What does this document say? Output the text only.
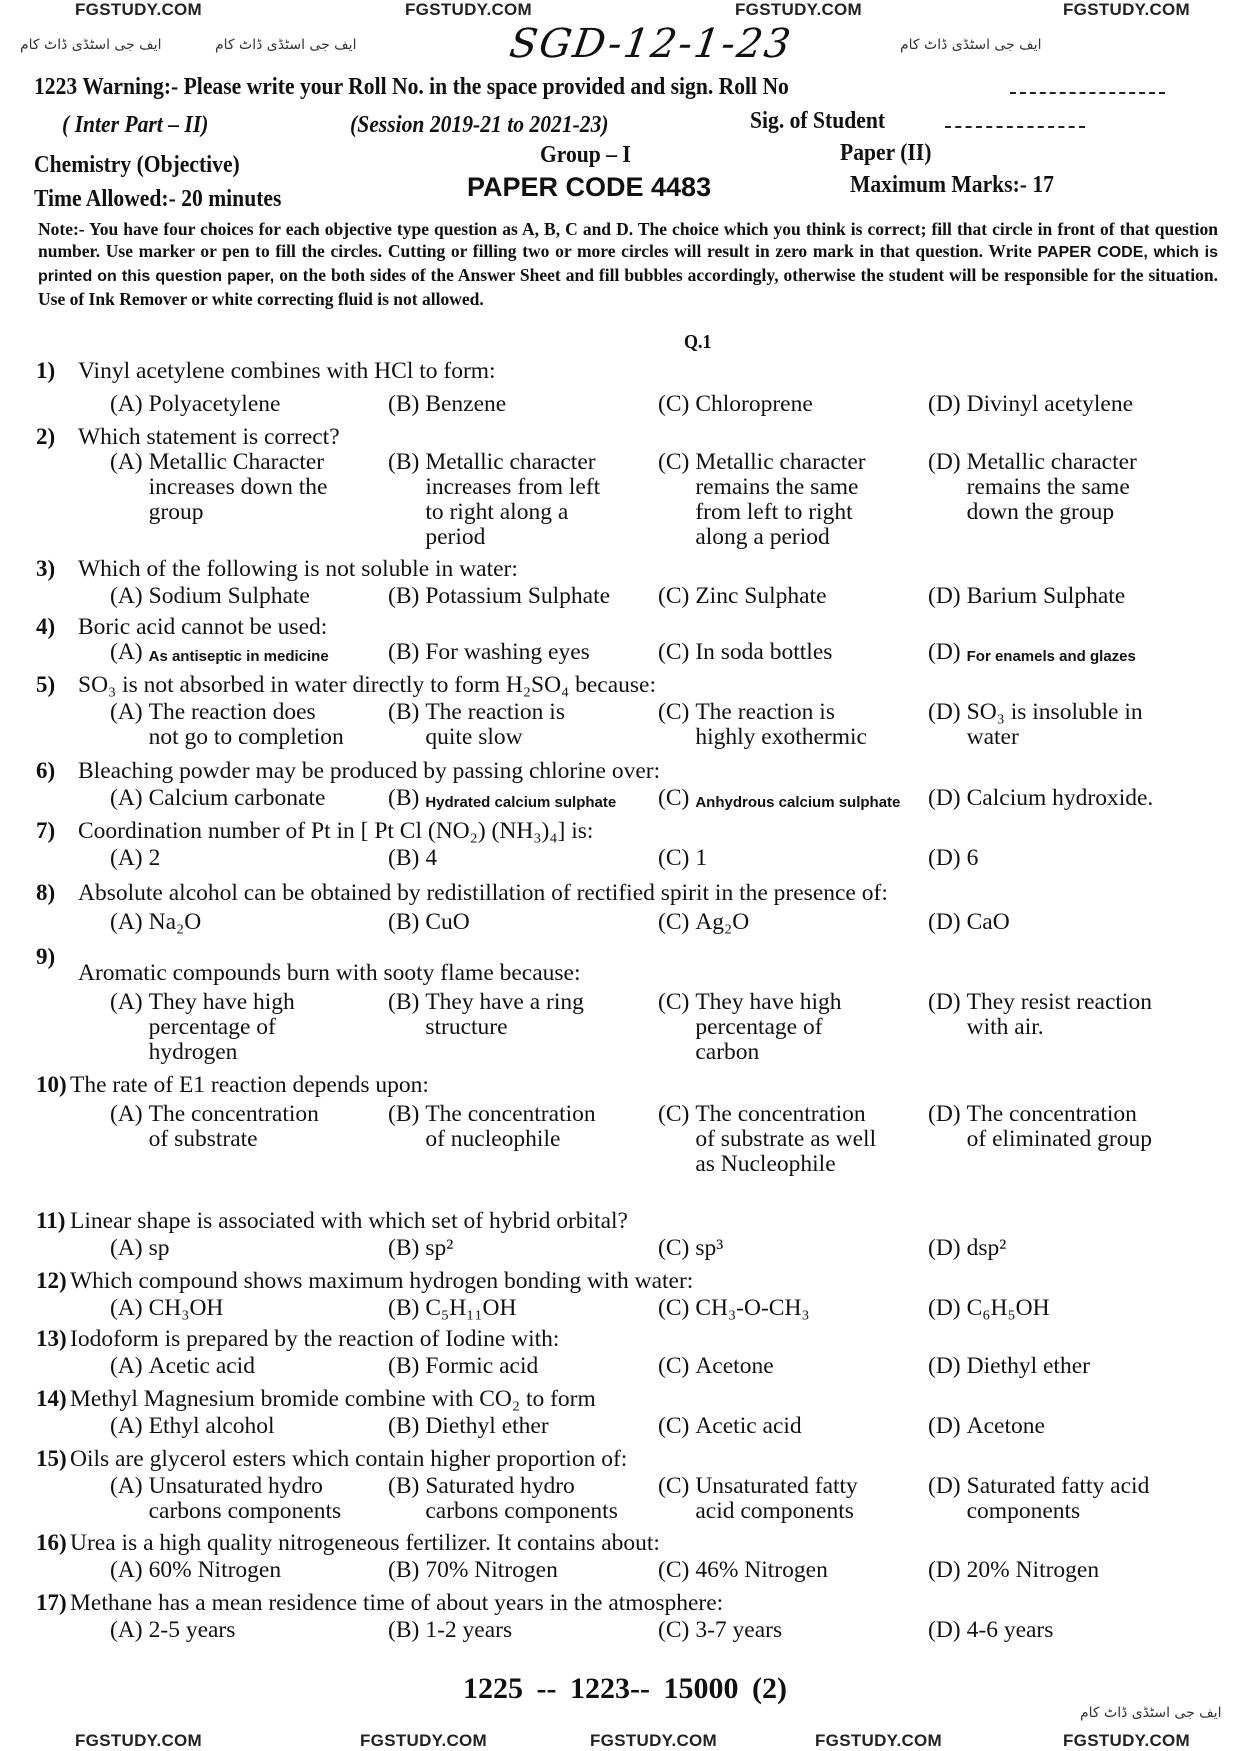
FGSTUDY.COM	FGSTUDY.COM	FGSTUDY.COM	FGSTUDY.COM
FGSTUDY.COM	FGSTUDY.COM	FGSTUDY.COM	FGSTUDY.COM	FGSTUDY.COM
ایف جی اسٹڈی ڈاٹ کام	ایف جی اسٹڈی ڈاٹ کام	ایف جی اسٹڈی ڈاٹ کام
ایف جی اسٹڈی ڈاٹ کام
SGD-12-1-23
1223 Warning:- Please write your Roll No. in the space provided and sign. Roll No
( Inter Part – II)	(Session 2019-21 to 2021-23)	Sig. of Student
Chemistry (Objective)	Group – I	Paper (II)
PAPER CODE 4483	Maximum Marks:- 17
Time Allowed:- 20 minutes
Note:- You have four choices for each objective type question as A, B, C and D. The choice which you think is correct; fill that circle in front of that question number. Use marker or pen to fill the circles. Cutting or filling two or more circles will result in zero mark in that question. Write PAPER CODE, which is printed on this question paper, on the both sides of the Answer Sheet and fill bubbles accordingly, otherwise the student will be responsible for the situation. Use of Ink Remover or white correcting fluid is not allowed.
Q.1
1) Vinyl acetylene combines with HCl to form:
(A) Polyacetylene	(B) Benzene	(C) Chloroprene	(D) Divinyl acetylene
2) Which statement is correct?
(A) Metallic Character
increases down the
group
(B) Metallic character
increases from left
to right along a
period
(C) Metallic character
remains the same
from left to right
along a period
(D) Metallic character
remains the same
down the group
3) Which of the following is not soluble in water:
(A) Sodium Sulphate	(B) Potassium Sulphate (C) Zinc Sulphate	(D) Barium Sulphate
4) Boric acid cannot be used:
(A) As antiseptic in medicine	(B) For washing eyes	(C) In soda bottles	(D) For enamels and glazes
5) SO₃ is not absorbed in water directly to form H₂SO₄ because:
(A) The reaction does
not go to completion
(B) The reaction is
quite slow
(C) The reaction is
highly exothermic
(D) SO₃ is insoluble in
water
6) Bleaching powder may be produced by passing chlorine over:
(A) Calcium carbonate	(B) Hydrated calcium sulphate (C) Anhydrous calcium sulphate (D) Calcium hydroxide.
7) Coordination number of Pt in [ Pt Cl (NO₂) (NH₃)₄] is:
(A) 2	(B) 4	(C) 1	(D) 6
8) Absolute alcohol can be obtained by redistillation of rectified spirit in the presence of:
(A) Na₂O	(B) CuO	(C) Ag₂O	(D) CaO
9)
Aromatic compounds burn with sooty flame because:
(A) They have high
percentage of
hydrogen
(B) They have a ring
structure
(C) They have high
percentage of
carbon
(D) They resist reaction
with air.
10) The rate of E1 reaction depends upon:
(A) The concentration
of substrate
(B) The concentration
of nucleophile
(C) The concentration
of substrate as well
as Nucleophile
(D) The concentration
of eliminated group
11) Linear shape is associated with which set of hybrid orbital?
(A) sp	(B) sp²	(C) sp³	(D) dsp²
12) Which compound shows maximum hydrogen bonding with water:
(A) CH₃OH	(B) C₅H₁₁OH	(C) CH₃-O-CH₃	(D) C₆H₅OH
13) Iodoform is prepared by the reaction of Iodine with:
(A) Acetic acid	(B) Formic acid	(C) Acetone	(D) Diethyl ether
14) Methyl Magnesium bromide combine with CO₂ to form
(A) Ethyl alcohol	(B) Diethyl ether	(C) Acetic acid	(D) Acetone
15) Oils are glycerol esters which contain higher proportion of:
(A) Unsaturated hydro
carbons components
(B) Saturated hydro
carbons components
(C) Unsaturated fatty
acid components
(D) Saturated fatty acid
components
16) Urea is a high quality nitrogeneous fertilizer. It contains about:
(A) 60% Nitrogen	(B) 70% Nitrogen	(C) 46% Nitrogen	(D) 20% Nitrogen
17) Methane has a mean residence time of about years in the atmosphere:
(A) 2-5 years	(B) 1-2 years	(C) 3-7 years	(D) 4-6 years
1225 -- 1223-- 15000 (2)
